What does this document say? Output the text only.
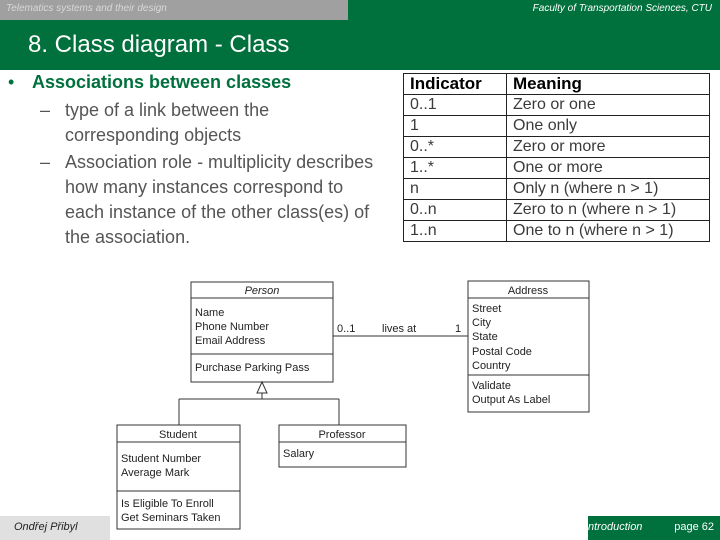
Telematics systems and their design	Faculty of Transportation Sciences, CTU
8. Class diagram - Class
• Associations between classes
– type of a link between the corresponding objects
– Association role - multiplicity describes how many instances correspond to each instance of the other class(es) of the association.
Indicator	Meaning
0..1	Zero or one
1	One only
0..*	Zero or more
1..*	One or more
n	Only n (where n > 1)
0..n	Zero to n (where n > 1)
1..n	One to n (where n > 1)
Person
Name
Phone Number
Email Address
Purchase Parking Pass
Address
Street
City
State
Postal Code
Country
Validate
Output As Label
0..1 lives at	1
Student
Student Number
Average Mark
Is Eligible To Enroll
Get Seminars Taken
Professor
Salary
Ondřej Přibyl	ntroduction	page 62
